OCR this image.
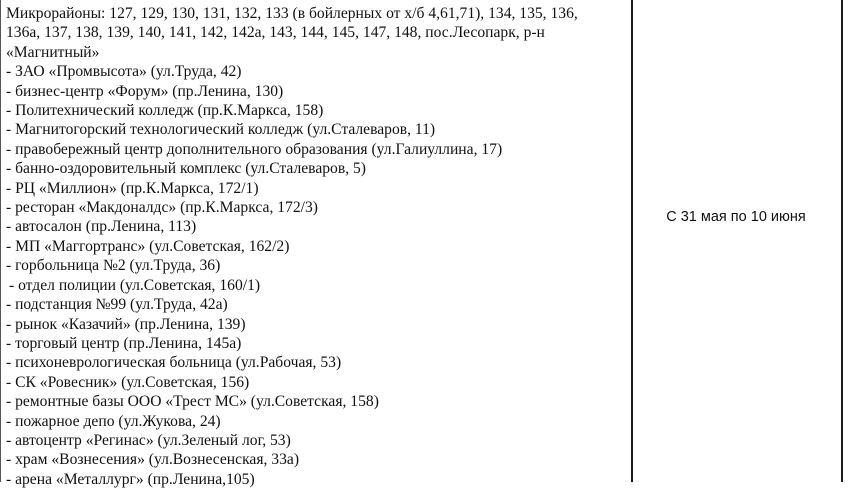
Микрорайоны: 127, 129, 130, 131, 132, 133 (в бойлерных от х/б 4,61,71), 134, 135, 136, 136а, 137, 138, 139, 140, 141, 142, 142а, 143, 144, 145, 147, 148, пос.Лесопарк, р-н «Магнитный»
- ЗАО «Промвысота» (ул.Труда, 42)
- бизнес-центр «Форум» (пр.Ленина, 130)
- Политехнический колледж (пр.К.Маркса, 158)
- Магнитогорский технологический колледж (ул.Сталеваров, 11)
- правобережный центр дополнительного образования (ул.Галиуллина, 17)
- банно-оздоровительный комплекс (ул.Сталеваров, 5)
- РЦ «Миллион» (пр.К.Маркса, 172/1)
- ресторан «Макдоналдс» (пр.К.Маркса, 172/3)
- автосалон (пр.Ленина, 113)
- МП «Маггортранс» (ул.Советская, 162/2)
- горбольница №2 (ул.Труда, 36)
- отдел полиции (ул.Советская, 160/1)
- подстанция №99 (ул.Труда, 42а)
- рынок «Казачий» (пр.Ленина, 139)
- торговый центр (пр.Ленина, 145а)
- психоневрологическая больница (ул.Рабочая, 53)
- СК «Ровесник» (ул.Советская, 156)
- ремонтные базы ООО «Трест МС» (ул.Советская, 158)
- пожарное депо (ул.Жукова, 24)
- автоцентр «Регинас» (ул.Зеленый лог, 53)
- храм «Вознесения» (ул.Вознесенская, 33а)
- арена «Металлург» (пр.Ленина,105)
С 31 мая по 10 июня
